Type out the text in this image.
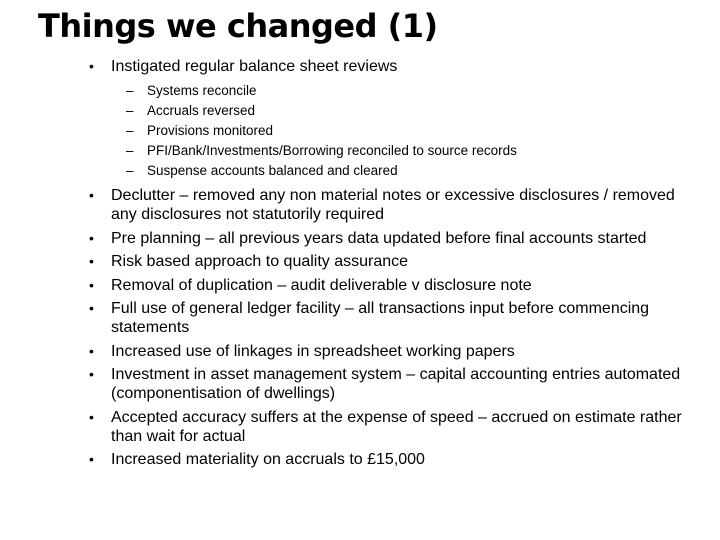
Things we changed (1)
• Instigated regular balance sheet reviews
– Systems reconcile
– Accruals reversed
– Provisions monitored
– PFI/Bank/Investments/Borrowing reconciled to source records
– Suspense accounts balanced and cleared
• Declutter – removed any non material notes or excessive disclosures / removed any disclosures not statutorily required
• Pre planning – all previous years data updated before final accounts started
• Risk based approach to quality assurance
• Removal of duplication – audit deliverable v disclosure note
• Full use of general ledger facility – all transactions input before commencing statements
• Increased use of linkages in spreadsheet working papers
• Investment in asset management system – capital accounting entries automated (componentisation of dwellings)
• Accepted accuracy suffers at the expense of speed – accrued on estimate rather than wait for actual
• Increased materiality on accruals to £15,000
